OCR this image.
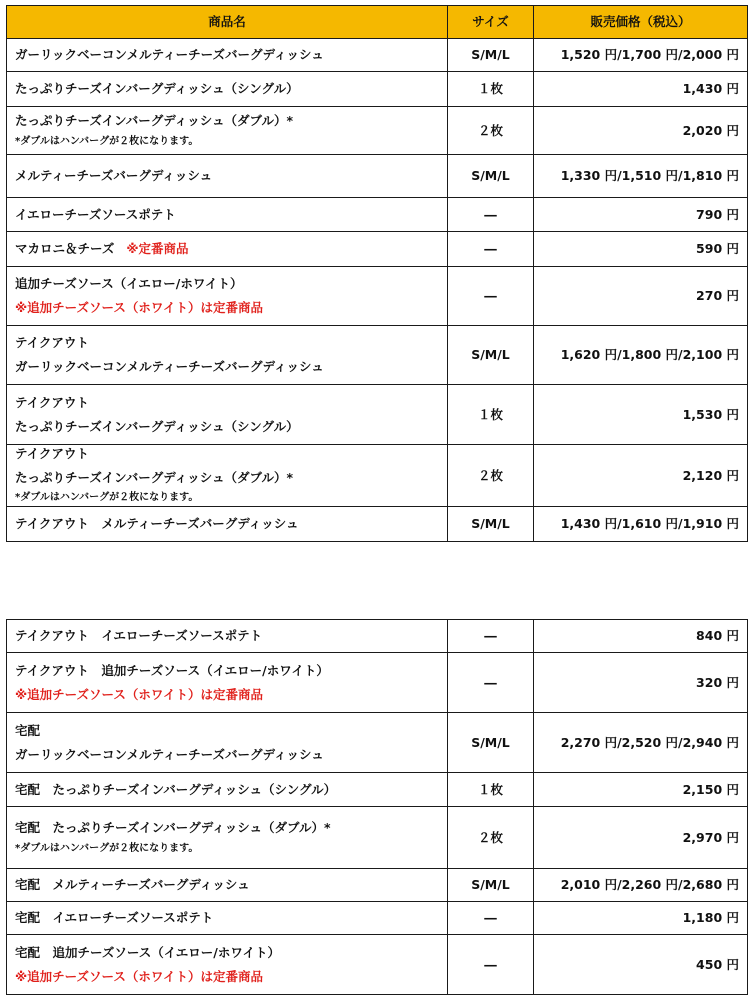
商品名	サイズ	販売価格（税込）

ガーリックベーコンメルティーチーズバーグディッシュ	S/M/L	1,520 円/1,700 円/2,000 円

たっぷりチーズインバーグディッシュ（シングル）	１枚	1,430 円

たっぷりチーズインバーグディッシュ（ダブル）*
*ダブルはハンバーグが２枚になります。	２枚	2,020 円

メルティーチーズバーグディッシュ	S/M/L	1,330 円/1,510 円/1,810 円

イエローチーズソースポテト	―	790 円

マカロニ＆チーズ ※定番商品	―	590 円

追加チーズソース（イエロー/ホワイト）
※追加チーズソース（ホワイト）は定番商品	―	270 円

テイクアウト
ガーリックベーコンメルティーチーズバーグディッシュ	S/M/L	1,620 円/1,800 円/2,100 円

テイクアウト
たっぷりチーズインバーグディッシュ（シングル）	１枚	1,530 円

テイクアウト
たっぷりチーズインバーグディッシュ（ダブル）*
*ダブルはハンバーグが２枚になります。	２枚	2,120 円

テイクアウト　メルティーチーズバーグディッシュ	S/M/L	1,430 円/1,610 円/1,910 円
テイクアウト　イエローチーズソースポテト	―	840 円

テイクアウト　追加チーズソース（イエロー/ホワイト）
※追加チーズソース（ホワイト）は定番商品	―	320 円

宅配
ガーリックベーコンメルティーチーズバーグディッシュ	S/M/L	2,270 円/2,520 円/2,940 円

宅配　たっぷりチーズインバーグディッシュ（シングル）	１枚	2,150 円

宅配　たっぷりチーズインバーグディッシュ（ダブル）*
*ダブルはハンバーグが２枚になります。	２枚	2,970 円

宅配　メルティーチーズバーグディッシュ	S/M/L	2,010 円/2,260 円/2,680 円

宅配　イエローチーズソースポテト	―	1,180 円

宅配　追加チーズソース（イエロー/ホワイト）
※追加チーズソース（ホワイト）は定番商品	―	450 円
